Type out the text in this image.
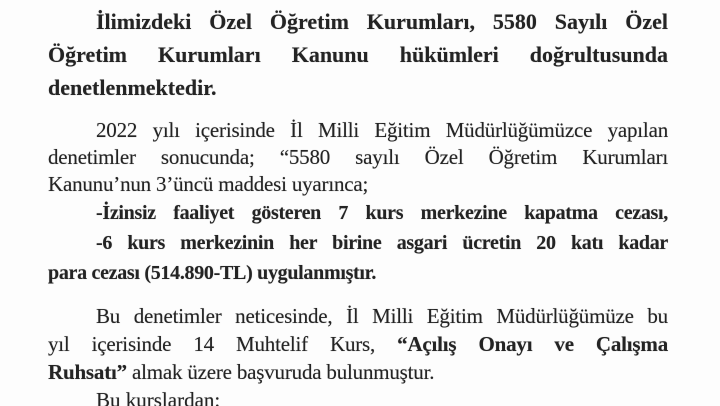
İlimizdeki Özel Öğretim Kurumları, 5580 Sayılı Özel
Öğretim Kurumları Kanunu hükümleri doğrultusunda
denetlenmektedir.
2022 yılı içerisinde İl Milli Eğitim Müdürlüğümüzce yapılan
denetimler sonucunda; “5580 sayılı Özel Öğretim Kurumları
Kanunu’nun 3’üncü maddesi uyarınca;
-İzinsiz faaliyet gösteren 7 kurs merkezine kapatma cezası,
-6 kurs merkezinin her birine asgari ücretin 20 katı kadar
para cezası (514.890-TL) uygulanmıştır.
Bu denetimler neticesinde, İl Milli Eğitim Müdürlüğümüze bu
yıl içerisinde 14 Muhtelif Kurs, “Açılış Onayı ve Çalışma
Ruhsatı” almak üzere başvuruda bulunmuştur.
Bu kurslardan:
